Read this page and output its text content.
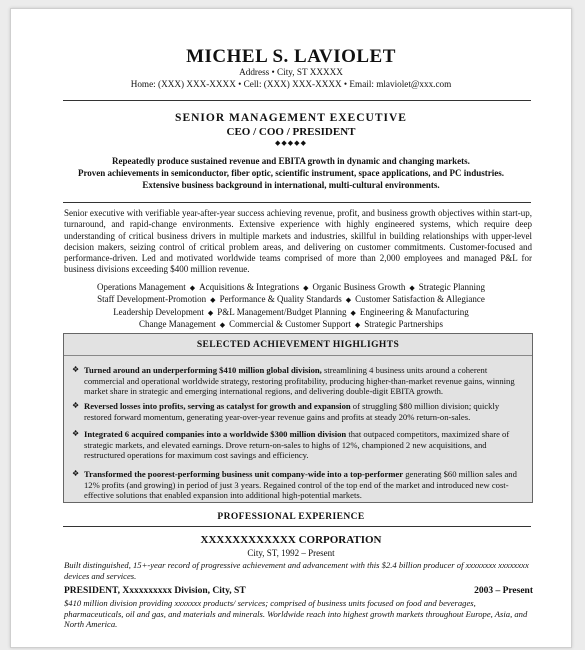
MICHEL S. LAVIOLET
Address • City, ST XXXXX
Home: (XXX) XXX-XXXX • Cell: (XXX) XXX-XXXX • Email: mlaviolet@xxx.com
SENIOR MANAGEMENT EXECUTIVE
CEO / COO / PRESIDENT
◆◆◆◆◆
Repeatedly produce sustained revenue and EBITA growth in dynamic and changing markets.
Proven achievements in semiconductor, fiber optic, scientific instrument, space applications, and PC industries.
Extensive business background in international, multi-cultural environments.
Senior executive with verifiable year-after-year success achieving revenue, profit, and business growth objectives within start-up, turnaround, and rapid-change environments. Extensive experience with highly engineered systems, which require deep understanding of critical business drivers in multiple markets and industries, skillful in building relationships with upper-level decision makers, seizing control of critical problem areas, and delivering on customer commitments. Customer-focused and performance-driven. Led and motivated worldwide teams comprised of more than 2,000 employees and managed P&L for business divisions exceeding $400 million revenue.
Operations Management ◆ Acquisitions & Integrations ◆ Organic Business Growth ◆ Strategic Planning
Staff Development-Promotion ◆ Performance & Quality Standards ◆ Customer Satisfaction & Allegiance
Leadership Development ◆ P&L Management/Budget Planning ◆ Engineering & Manufacturing
Change Management ◆ Commercial & Customer Support ◆ Strategic Partnerships
SELECTED ACHIEVEMENT HIGHLIGHTS
❖ Turned around an underperforming $410 million global division, streamlining 4 business units around a coherent commercial and operational worldwide strategy, restoring profitability, producing higher-than-market revenue gains, winning market share in strategic and emerging international regions, and delivering double-digit EBITA growth.
❖ Reversed losses into profits, serving as catalyst for growth and expansion of struggling $80 million division; quickly restored forward momentum, generating year-over-year revenue gains and profits at steady 20% return-on-sales.
❖ Integrated 6 acquired companies into a worldwide $300 million division that outpaced competitors, maximized share of strategic markets, and elevated earnings. Drove return-on-sales to highs of 12%, championed 2 new acquisitions, and restructured operations for maximum cost savings and efficiency.
❖ Transformed the poorest-performing business unit company-wide into a top-performer generating $60 million sales and 12% profits (and growing) in period of just 3 years. Regained control of the top end of the market and introduced new cost-effective solutions that enabled expansion into additional high-potential markets.
PROFESSIONAL EXPERIENCE
XXXXXXXXXXXX CORPORATION
City, ST, 1992 – Present
Built distinguished, 15+-year record of progressive achievement and advancement with this $2.4 billion producer of xxxxxxxx xxxxxxxx devices and services.
PRESIDENT, Xxxxxxxxxx Division, City, ST	2003 – Present
$410 million division providing xxxxxxx products/ services; comprised of business units focused on food and beverages, pharmaceuticals, oil and gas, and materials and minerals. Worldwide reach into highest growth markets throughout Europe, Asia, and North America.
